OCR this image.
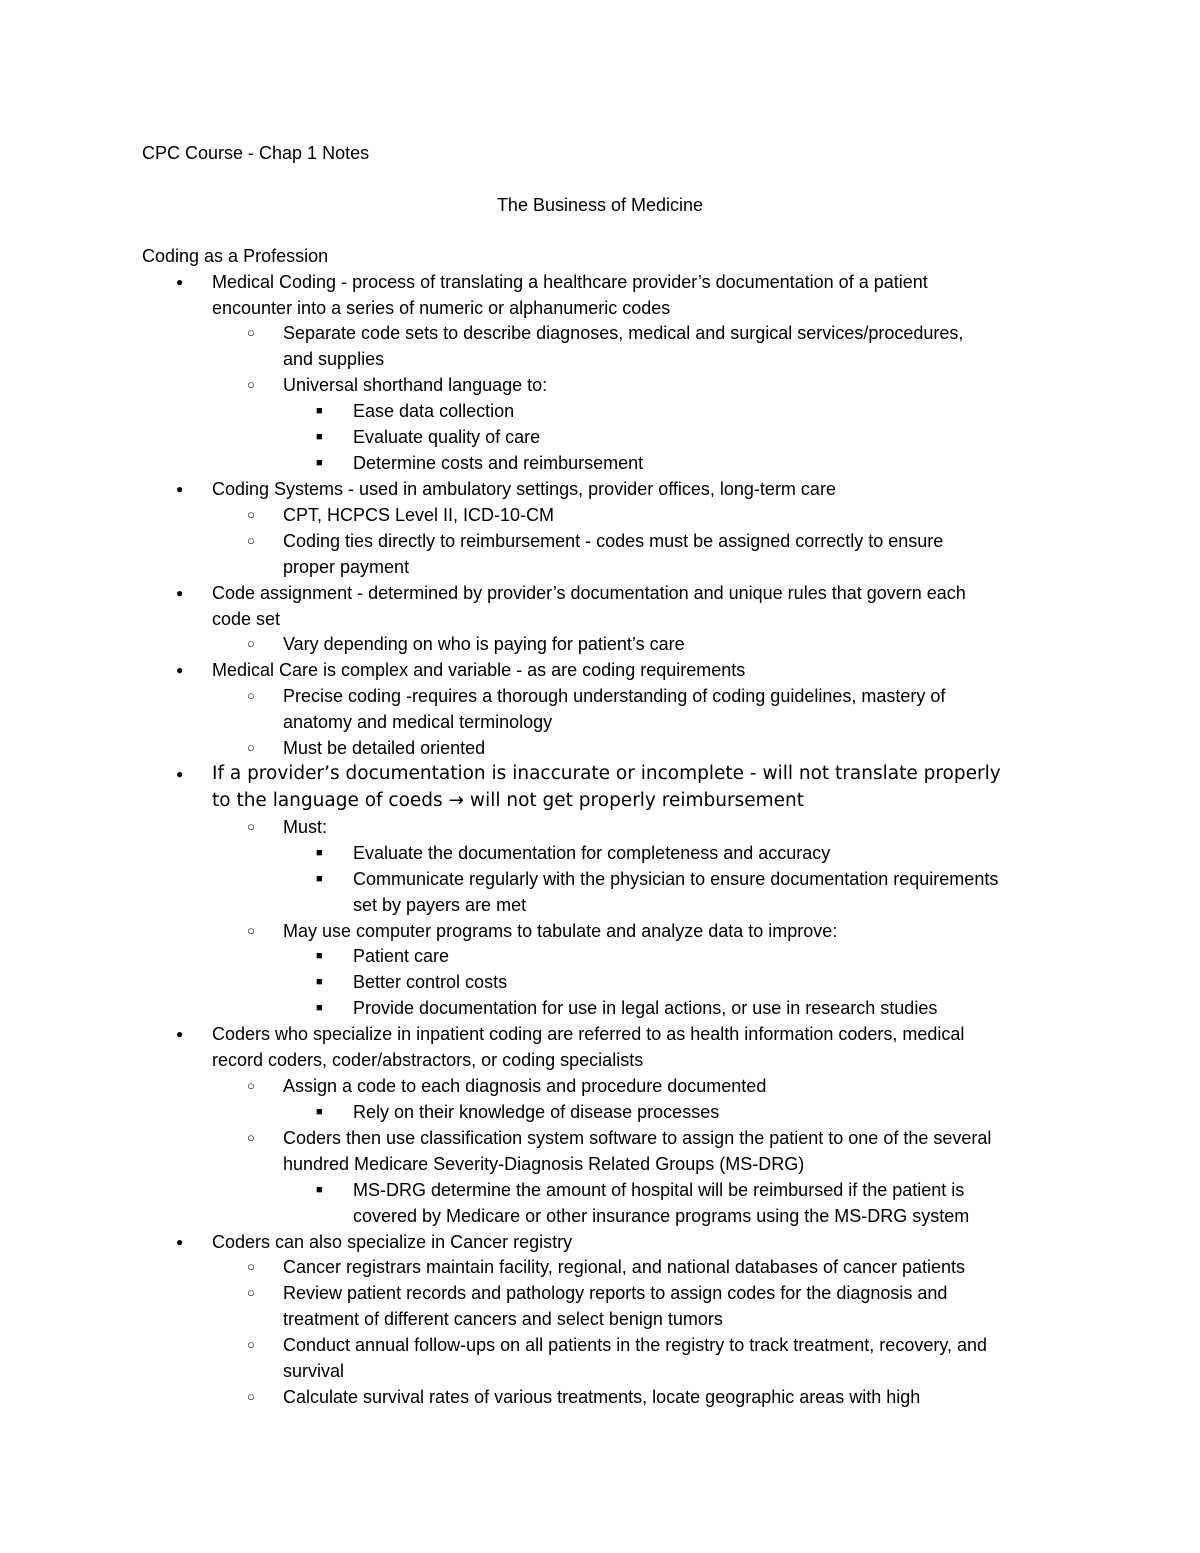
CPC Course - Chap 1 Notes
The Business of Medicine
Coding as a Profession
● Medical Coding - process of translating a healthcare provider’s documentation of a patient
encounter into a series of numeric or alphanumeric codes
○ Separate code sets to describe diagnoses, medical and surgical services/procedures,
and supplies
○ Universal shorthand language to:
■ Ease data collection
■ Evaluate quality of care
■ Determine costs and reimbursement
● Coding Systems - used in ambulatory settings, provider offices, long-term care
○ CPT, HCPCS Level II, ICD-10-CM
○ Coding ties directly to reimbursement - codes must be assigned correctly to ensure
proper payment
● Code assignment - determined by provider’s documentation and unique rules that govern each
code set
○ Vary depending on who is paying for patient’s care
● Medical Care is complex and variable - as are coding requirements
○ Precise coding -requires a thorough understanding of coding guidelines, mastery of
anatomy and medical terminology
○ Must be detailed oriented
● If a provider’s documentation is inaccurate or incomplete - will not translate properly
to the language of coeds → will not get properly reimbursement
○ Must:
■ Evaluate the documentation for completeness and accuracy
■ Communicate regularly with the physician to ensure documentation requirements
set by payers are met
○ May use computer programs to tabulate and analyze data to improve:
■ Patient care
■ Better control costs
■ Provide documentation for use in legal actions, or use in research studies
● Coders who specialize in inpatient coding are referred to as health information coders, medical
record coders, coder/abstractors, or coding specialists
○ Assign a code to each diagnosis and procedure documented
■ Rely on their knowledge of disease processes
○ Coders then use classification system software to assign the patient to one of the several
hundred Medicare Severity-Diagnosis Related Groups (MS-DRG)
■ MS-DRG determine the amount of hospital will be reimbursed if the patient is
covered by Medicare or other insurance programs using the MS-DRG system
● Coders can also specialize in Cancer registry
○ Cancer registrars maintain facility, regional, and national databases of cancer patients
○ Review patient records and pathology reports to assign codes for the diagnosis and
treatment of different cancers and select benign tumors
○ Conduct annual follow-ups on all patients in the registry to track treatment, recovery, and
survival
○ Calculate survival rates of various treatments, locate geographic areas with high
